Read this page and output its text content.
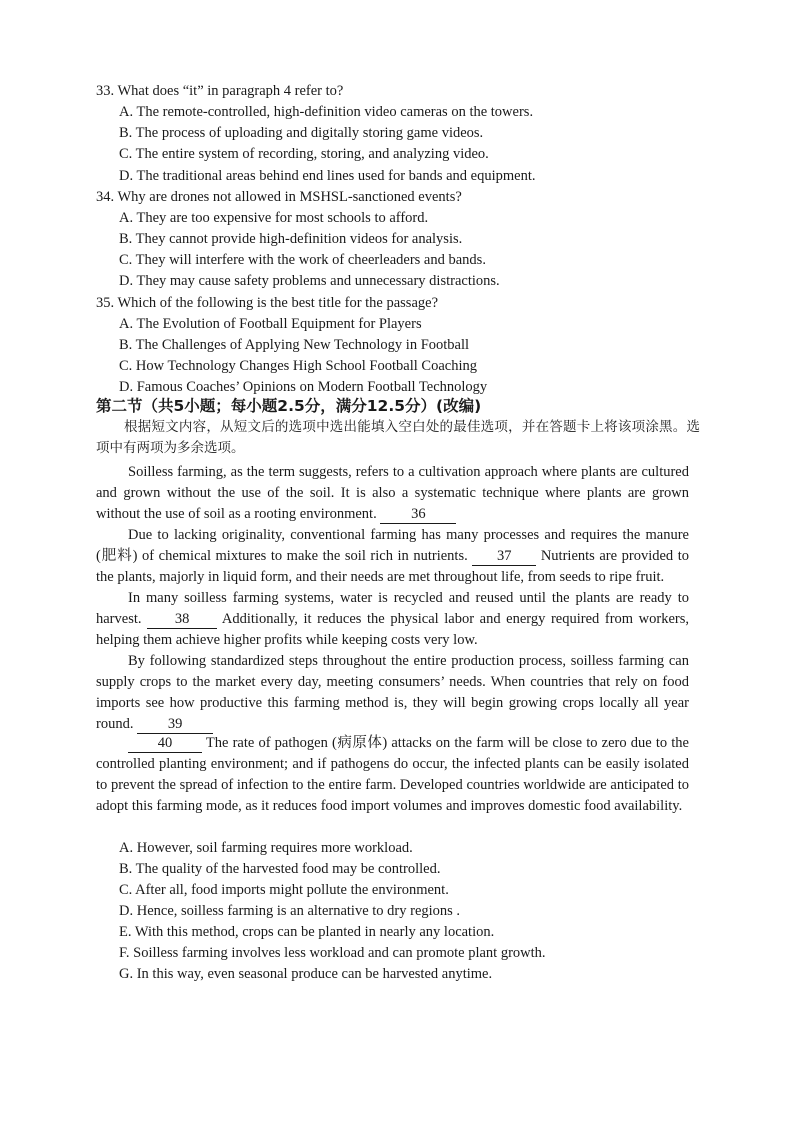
33. What does “it” in paragraph 4 refer to?
A. The remote-controlled, high-definition video cameras on the towers.
B. The process of uploading and digitally storing game videos.
C. The entire system of recording, storing, and analyzing video.
D. The traditional areas behind end lines used for bands and equipment.
34. Why are drones not allowed in MSHSL-sanctioned events?
A. They are too expensive for most schools to afford.
B. They cannot provide high-definition videos for analysis.
C. They will interfere with the work of cheerleaders and bands.
D. They may cause safety problems and unnecessary distractions.
35. Which of the following is the best title for the passage?
A. The Evolution of Football Equipment for Players
B. The Challenges of Applying New Technology in Football
C. How Technology Changes High School Football Coaching
D. Famous Coaches’ Opinions on Modern Football Technology
第二节（共5小题；每小题2.5分，满分12.5分）(改编)
根据短文内容，从短文后的选项中选出能填入空白处的最佳选项，并在答题卡上将该项涂黑。选项中有两项为多余选项。
Soilless farming, as the term suggests, refers to a cultivation approach where plants are cultured and grown without the use of the soil. It is also a systematic technique where plants are grown without the use of soil as a rooting environment. 36
Due to lacking originality, conventional farming has many processes and requires the manure (肥料) of chemical mixtures to make the soil rich in nutrients. 37 Nutrients are provided to the plants, majorly in liquid form, and their needs are met throughout life, from seeds to ripe fruit.
In many soilless farming systems, water is recycled and reused until the plants are ready to harvest. 38 Additionally, it reduces the physical labor and energy required from workers, helping them achieve higher profits while keeping costs very low.
By following standardized steps throughout the entire production process, soilless farming can supply crops to the market every day, meeting consumers’ needs. When countries that rely on food imports see how productive this farming method is, they will begin growing crops locally all year round. 39
40 The rate of pathogen (病原体) attacks on the farm will be close to zero due to the controlled planting environment; and if pathogens do occur, the infected plants can be easily isolated to prevent the spread of infection to the entire farm. Developed countries worldwide are anticipated to adopt this farming mode, as it reduces food import volumes and improves domestic food availability.
A. However, soil farming requires more workload.
B. The quality of the harvested food may be controlled.
C. After all, food imports might pollute the environment.
D. Hence, soilless farming is an alternative to dry regions .
E. With this method, crops can be planted in nearly any location.
F. Soilless farming involves less workload and can promote plant growth.
G. In this way, even seasonal produce can be harvested anytime.
